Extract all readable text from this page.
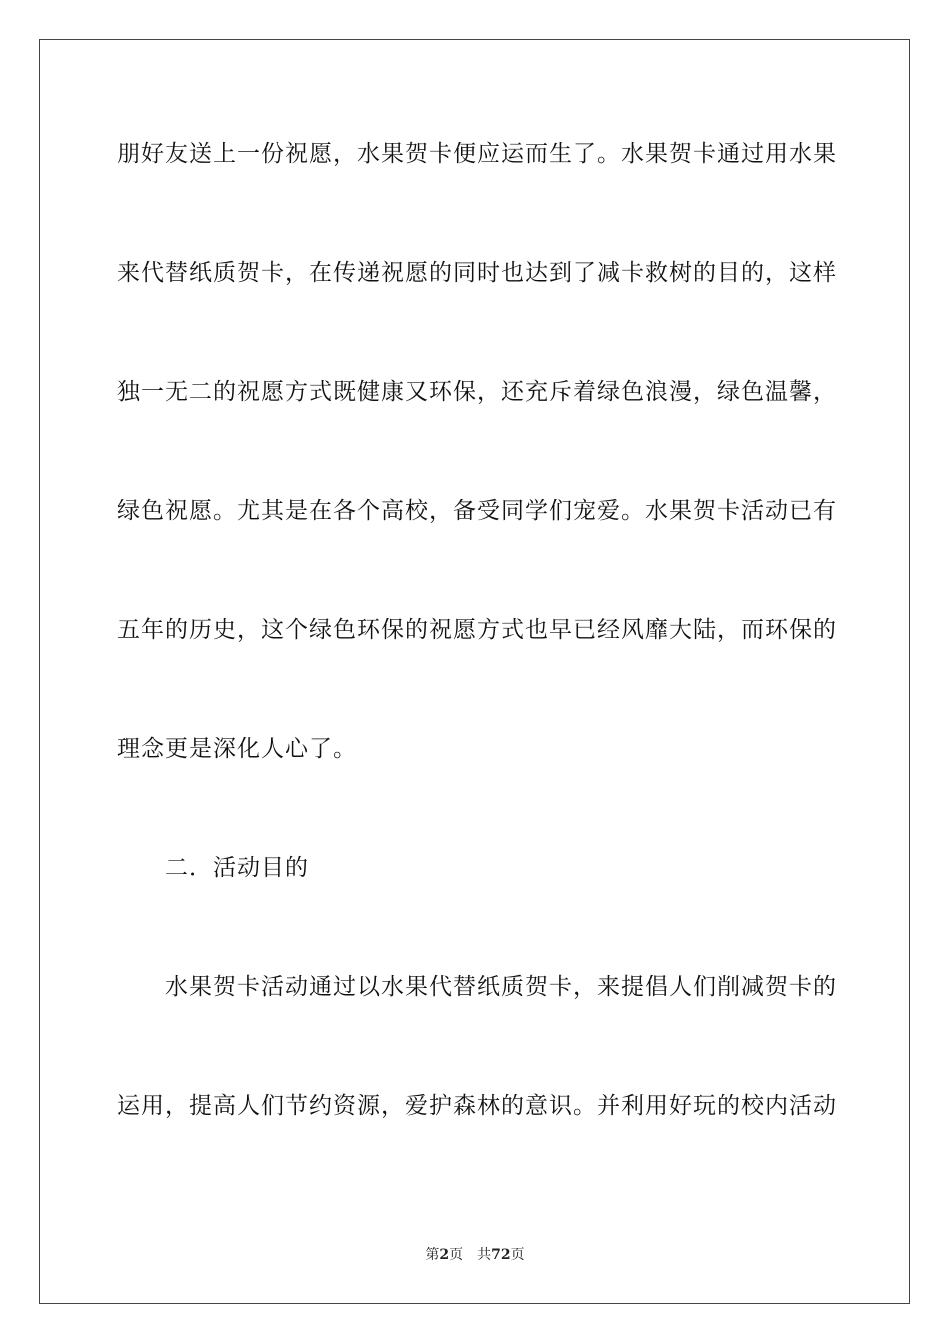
朋好友送上一份祝愿，水果贺卡便应运而生了。水果贺卡通过用水果
来代替纸质贺卡，在传递祝愿的同时也达到了减卡救树的目的，这样
独一无二的祝愿方式既健康又环保，还充斥着绿色浪漫，绿色温馨，
绿色祝愿。尤其是在各个高校，备受同学们宠爱。水果贺卡活动已有
五年的历史，这个绿色环保的祝愿方式也早已经风靡大陆，而环保的
理念更是深化人心了。
二．活动目的
水果贺卡活动通过以水果代替纸质贺卡，来提倡人们削减贺卡的
运用，提高人们节约资源，爱护森林的意识。并利用好玩的校内活动
第2页 共72页
